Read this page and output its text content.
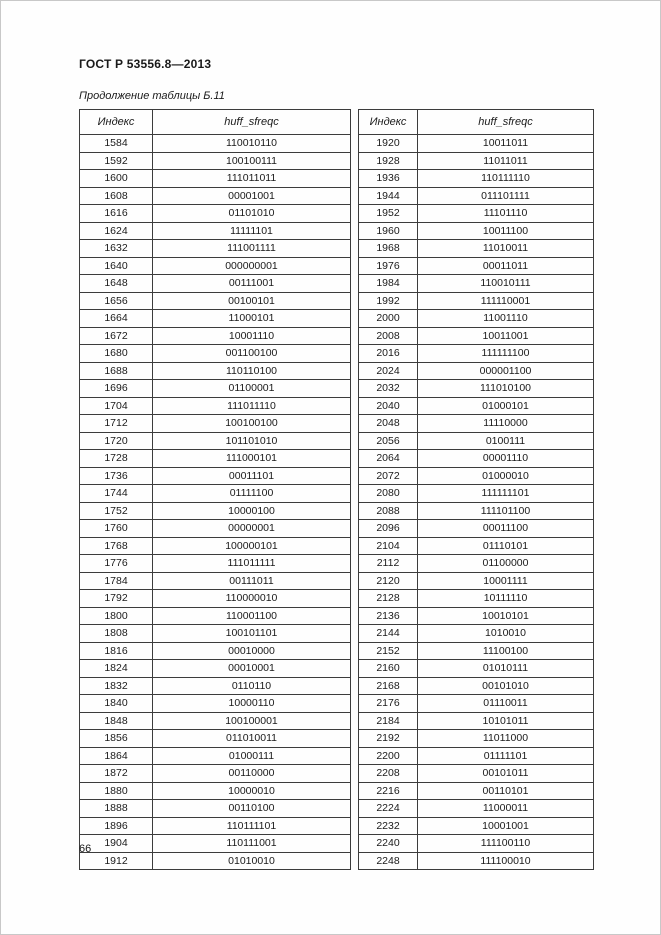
ГОСТ Р 53556.8—2013
Продолжение таблицы Б.11
Индекс	huff_sfreqc
1584	110010110
1592	100100111
1600	111011011
1608	00001001
1616	01101010
1624	11111101
1632	111001111
1640	000000001
1648	00111001
1656	00100101
1664	11000101
1672	10001110
1680	001100100
1688	110110100
1696	01100001
1704	111011110
1712	100100100
1720	101101010
1728	111000101
1736	00011101
1744	01111100
1752	10000100
1760	00000001
1768	100000101
1776	111011111
1784	00111011
1792	110000010
1800	110001100
1808	100101101
1816	00010000
1824	00010001
1832	0110110
1840	10000110
1848	100100001
1856	011010011
1864	01000111
1872	00110000
1880	10000010
1888	00110100
1896	110111101
1904	110111001
1912	01010010
Индекс	huff_sfreqc
1920	10011011
1928	11011011
1936	110111110
1944	011101111
1952	11101110
1960	10011100
1968	11010011
1976	00011011
1984	110010111
1992	111110001
2000	11001110
2008	10011001
2016	111111100
2024	000001100
2032	111010100
2040	01000101
2048	11110000
2056	0100111
2064	00001110
2072	01000010
2080	111111101
2088	111101100
2096	00011100
2104	01110101
2112	01100000
2120	10001111
2128	10111110
2136	10010101
2144	1010010
2152	11100100
2160	01010111
2168	00101010
2176	01110011
2184	10101011
2192	11011000
2200	01111101
2208	00101011
2216	00110101
2224	11000011
2232	10001001
2240	111100110
2248	111100010
66
